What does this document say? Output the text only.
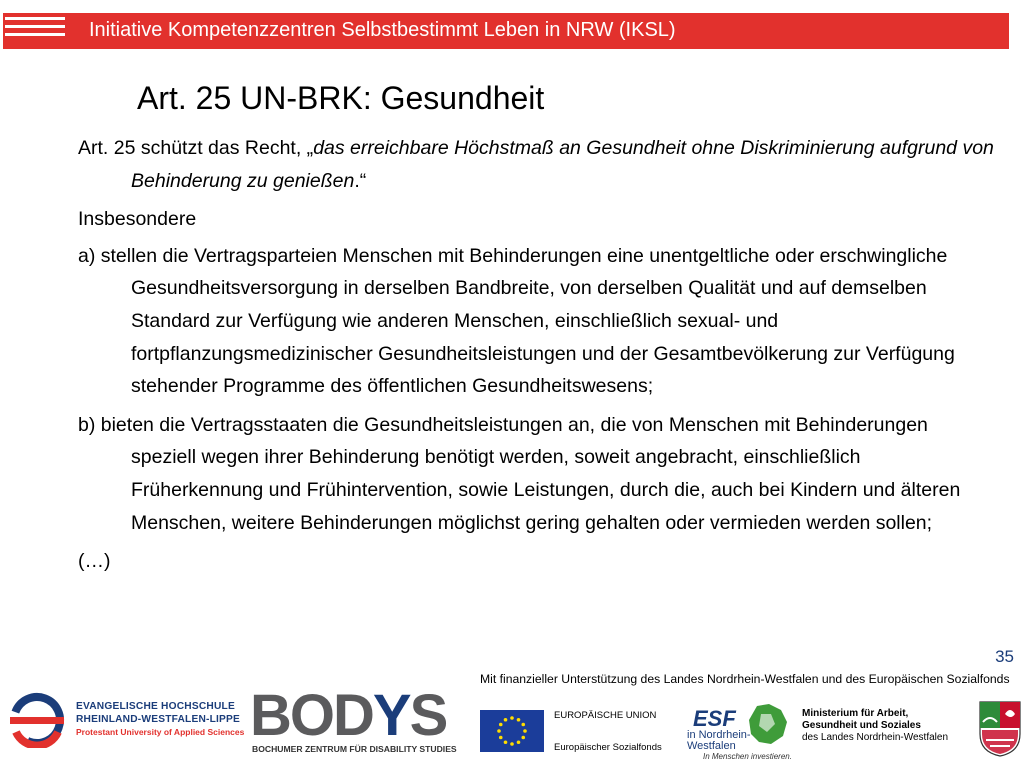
Initiative Kompetenzzentren Selbstbestimmt Leben in NRW (IKSL)
Art. 25 UN-BRK: Gesundheit

Art. 25 schützt das Recht, „das erreichbare Höchstmaß an Gesundheit ohne Diskriminierung aufgrund von Behinderung zu genießen.“

Insbesondere

a) stellen die Vertragsparteien Menschen mit Behinderungen eine unentgeltliche oder erschwingliche Gesundheitsversorgung in derselben Bandbreite, von derselben Qualität und auf demselben Standard zur Verfügung wie anderen Menschen, einschließlich sexual- und fortpflanzungsmedizinischer Gesundheitsleistungen und der Gesamtbevölkerung zur Verfügung stehender Programme des öffentlichen Gesundheitswesens;

b) bieten die Vertragsstaaten die Gesundheitsleistungen an, die von Menschen mit Behinderungen speziell wegen ihrer Behinderung benötigt werden, soweit angebracht, einschließlich Früherkennung und Frühintervention, sowie Leistungen, durch die, auch bei Kindern und älteren Menschen, weitere Behinderungen möglichst gering gehalten oder vermieden werden sollen;

(…)

35
Mit finanzieller Unterstützung des Landes Nordrhein-Westfalen und des Europäischen Sozialfonds
EVANGELISCHE HOCHSCHULE
RHEINLAND-WESTFALEN-LIPPE
Protestant University of Applied Sciences BODYS
BOCHUMER ZENTRUM FÜR DISABILITY STUDIES
EUROPÄISCHE UNION
Europäischer Sozialfonds
ESF
in Nordrhein-
Westfalen
In Menschen investieren.
Ministerium für Arbeit,
Gesundheit und Soziales
des Landes Nordrhein-Westfalen
